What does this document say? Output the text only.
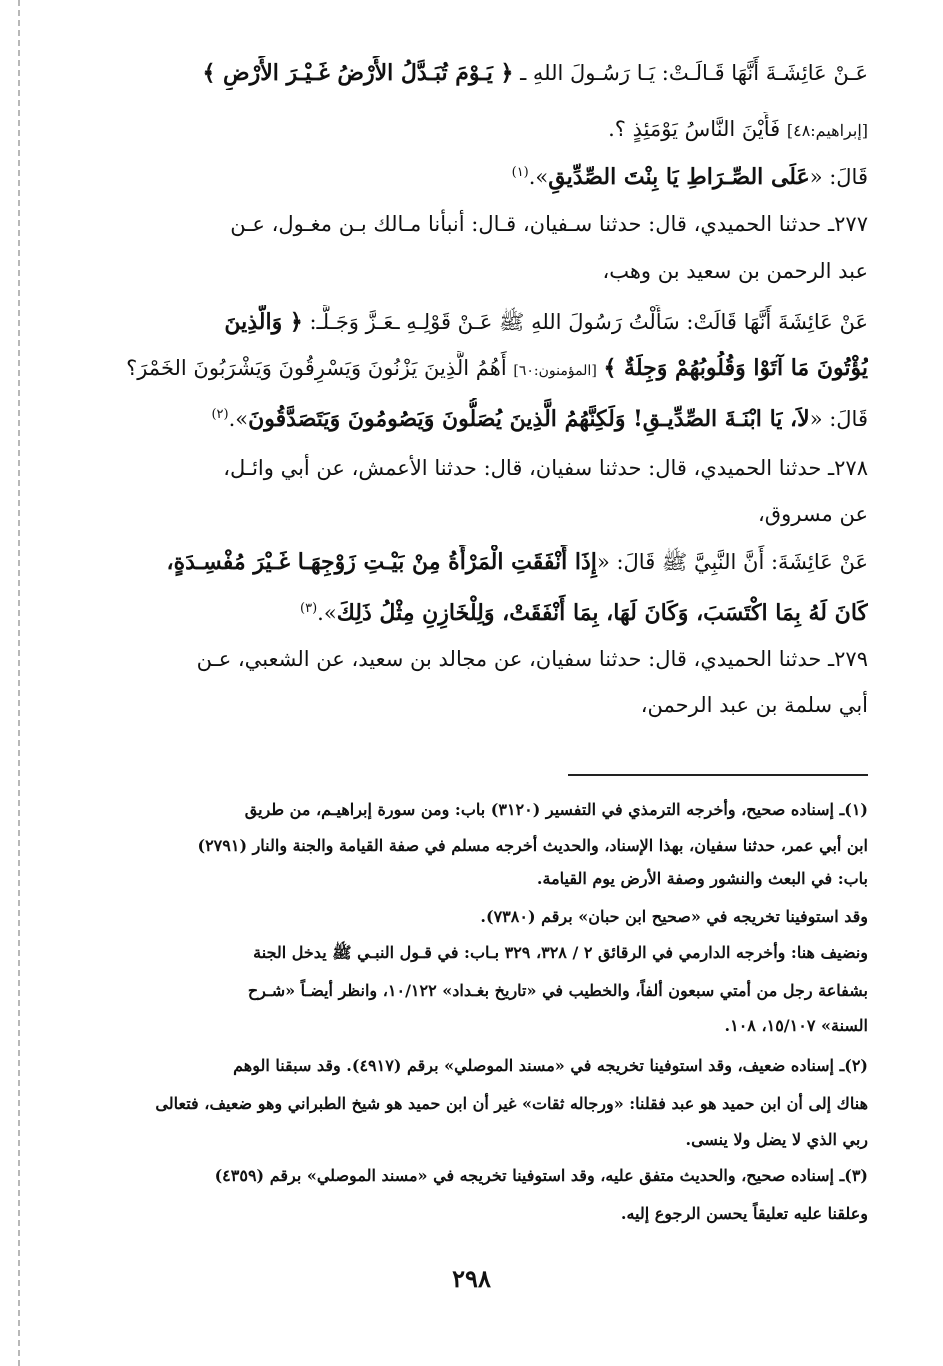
عَـنْ عَائِشَـةَ أَنَّهَا قَـالَـتْ: يَـا رَسُـولَ اللهِ ـ ﴿ يَـوْمَ تُبَـدَّلُ الأَرْضُ غَـيْـرَ الأَرْضِ ﴾
[إبراهيم:٤٨] فَأَيْنَ النَّاسُ يَوْمَئِذٍ ؟.
قَالَ: «عَلَى الصِّـرَاطِ يَا بِنْتَ الصِّدِّيقِ».$^{(١)}$
٢٧٧ـ حدثنا الحميدي، قال: حدثنا سـفيان، قـال: أنبأنا مـالك بـن مغـول، عـن
عبد الرحمن بن سعيد بن وهب،
عَنْ عَائِشَةَ أَنَّهَا قَالَتْ: سَأَلْتُ رَسُولَ اللهِ ﷺ عَـنْ قَوْلِـهِ ـعَـزَّ وَجَـلَّـ: ﴿ وَالَّذِينَ
يُؤْتُونَ مَا آتَوْا وَقُلُوبُهُمْ وَجِلَةٌ ﴾ [المؤمنون:٦٠] أَهُمُ الَّذِينَ يَزْنُونَ وَيَسْرِقُونَ وَيَشْرَبُونَ الخَمْرَ؟
قَالَ: «لاَ، يَا ابْنَـةَ الصِّدِّيـقِ! وَلَكِنَّهُمُ الَّذِينَ يُصَلُّونَ وَيَصُومُونَ وَيَتَصَدَّقُونَ».$^{(٢)}$
٢٧٨ـ حدثنا الحميدي، قال: حدثنا سفيان، قال: حدثنا الأعمش، عن أبي وائـل،
عن مسروق،
عَنْ عَائِشَةَ: أَنَّ النَّبِيَّ ﷺ قَالَ: «إِذَا أَنْفَقَتِ الْمَرْأَةُ مِنْ بَيْـتِ زَوْجِهَـا غَـيْرَ مُفْسِـدَةٍ،
كَانَ لَهُ بِمَا اكْتَسَبَ، وَكَانَ لَهَا، بِمَا أَنْفَقَتْ، وَلِلْخَازِنِ مِثْلُ ذَلِكَ».$^{(٣)}$
٢٧٩ـ حدثنا الحميدي، قال: حدثنا سفيان، عن مجالد بن سعيد، عن الشعبي، عـن
أبي سلمة بن عبد الرحمن،
(١)ـ إسناده صحيح، وأخرجه الترمذي في التفسير (٣١٢٠) باب: ومن سورة إبراهيـم، من طريق
ابن أبي عمر، حدثنا سفيان، بهذا الإسناد، والحديث أخرجه مسلم في صفة القيامة والجنة والنار (٢٧٩١)
باب: في البعث والنشور وصفة الأرض يوم القيامة.
وقد استوفينا تخريجه في «صحيح ابن حبان» برقم (٧٣٨٠).
ونضيف هنا: وأخرجه الدارمي في الرقائق ٢ / ٣٢٨، ٣٢٩ بـاب: في قـول النبـي ﷺ يدخل الجنة
بشفاعة رجل من أمتي سبعون ألفاً، والخطيب في «تاريخ بغـداد» ١٠/١٢٢، وانظر أيضـاً «شـرح
السنة» ١٥/١٠٧، ١٠٨.
(٢)ـ إسناده ضعيف، وقد استوفينا تخريجه في «مسند الموصلي» برقم (٤٩١٧). وقد سبقنا الوهم
هناك إلى أن ابن حميد هو عبد فقلنا: «ورجاله ثقات» غير أن ابن حميد هو شيخ الطبراني وهو ضعيف، فتعالى
ربي الذي لا يضل ولا ينسى.
(٣)ـ إسناده صحيح، والحديث متفق عليه، وقد استوفينا تخريجه في «مسند الموصلي» برقم (٤٣٥٩)
وعلقنا عليه تعليقاً يحسن الرجوع إليه.
٢٩٨
